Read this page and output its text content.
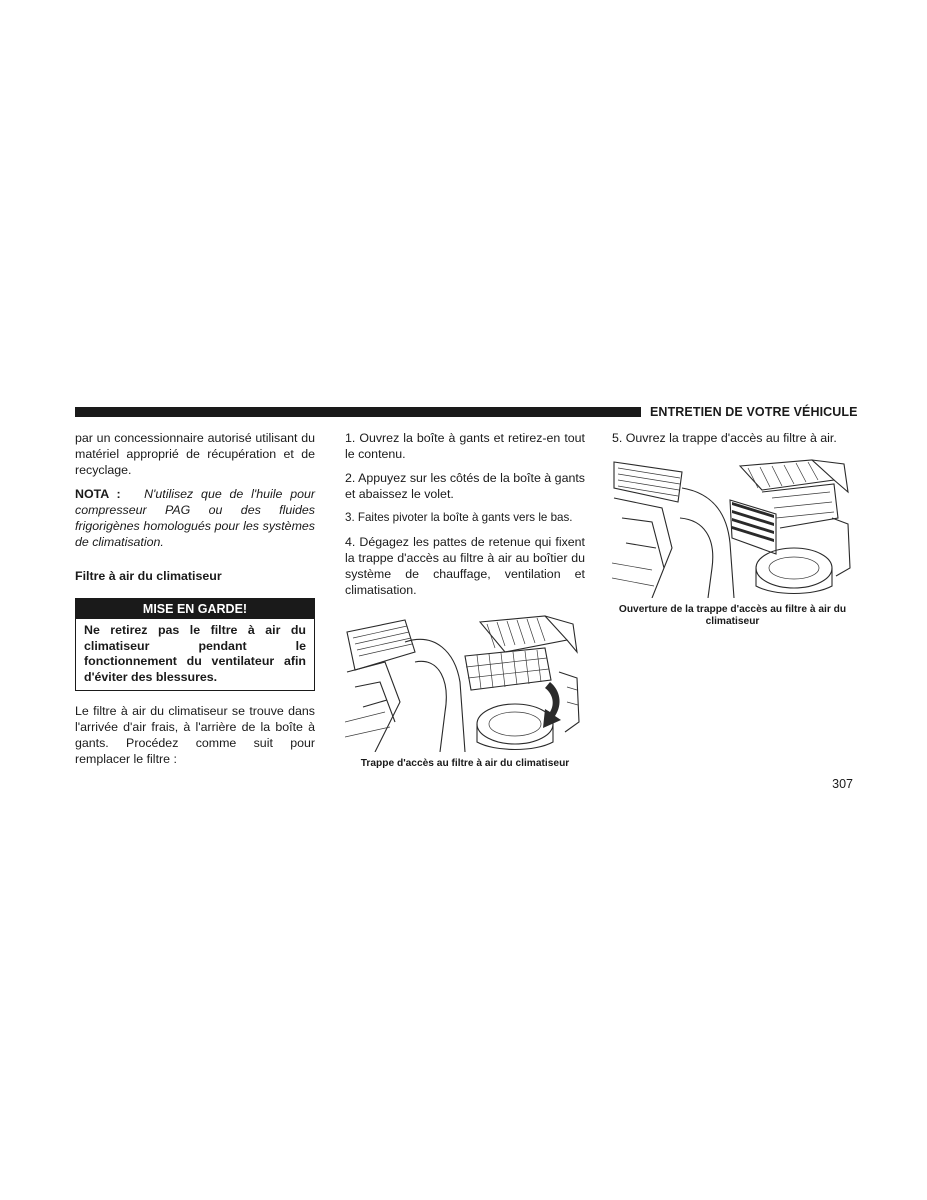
ENTRETIEN DE VOTRE VÉHICULE

par un concessionnaire autorisé utilisant du matériel approprié de récupération et de recyclage.

NOTA : N'utilisez que de l'huile pour compresseur PAG ou des fluides frigorigènes homologués pour les systèmes de climatisation.

Filtre à air du climatiseur

MISE EN GARDE!
Ne retirez pas le filtre à air du climatiseur pendant le fonctionnement du ventilateur afin d'éviter des blessures.

Le filtre à air du climatiseur se trouve dans l'arrivée d'air frais, à l'arrière de la boîte à gants. Procédez comme suit pour remplacer le filtre :

1. Ouvrez la boîte à gants et retirez-en tout le contenu.

2. Appuyez sur les côtés de la boîte à gants et abaissez le volet.

3. Faites pivoter la boîte à gants vers le bas.

4. Dégagez les pattes de retenue qui fixent la trappe d'accès au filtre à air au boîtier du système de chauffage, ventilation et climatisation.

Trappe d'accès au filtre à air du climatiseur

5. Ouvrez la trappe d'accès au filtre à air.

Ouverture de la trappe d'accès au filtre à air du climatiseur

307
